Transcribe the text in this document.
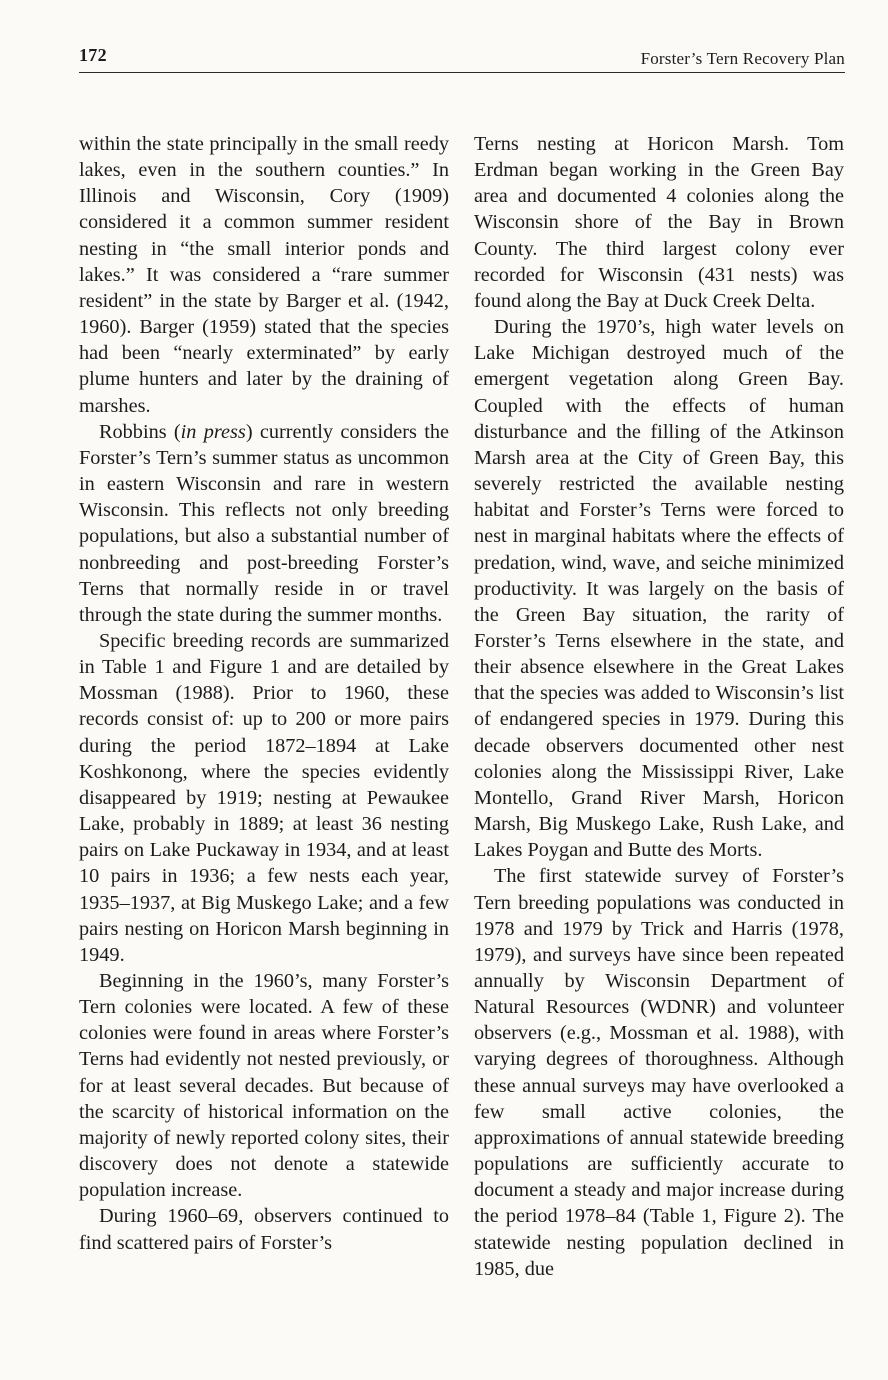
172	Forster’s Tern Recovery Plan

within the state principally in the small reedy lakes, even in the southern counties.” In Illinois and Wisconsin, Cory (1909) considered it a common summer resident nesting in “the small interior ponds and lakes.” It was considered a “rare summer resident” in the state by Barger et al. (1942, 1960). Barger (1959) stated that the species had been “nearly exterminated” by early plume hunters and later by the draining of marshes.

Robbins (in press) currently considers the Forster’s Tern’s summer status as uncommon in eastern Wisconsin and rare in western Wisconsin. This reflects not only breeding populations, but also a substantial number of nonbreeding and post-breeding Forster’s Terns that normally reside in or travel through the state during the summer months.

Specific breeding records are summarized in Table 1 and Figure 1 and are detailed by Mossman (1988). Prior to 1960, these records consist of: up to 200 or more pairs during the period 1872–1894 at Lake Koshkonong, where the species evidently disappeared by 1919; nesting at Pewaukee Lake, probably in 1889; at least 36 nesting pairs on Lake Puckaway in 1934, and at least 10 pairs in 1936; a few nests each year, 1935–1937, at Big Muskego Lake; and a few pairs nesting on Horicon Marsh beginning in 1949.

Beginning in the 1960’s, many Forster’s Tern colonies were located. A few of these colonies were found in areas where Forster’s Terns had evidently not nested previously, or for at least several decades. But because of the scarcity of historical information on the majority of newly reported colony sites, their discovery does not denote a statewide population increase.

During 1960–69, observers continued to find scattered pairs of Forster’s

Terns nesting at Horicon Marsh. Tom Erdman began working in the Green Bay area and documented 4 colonies along the Wisconsin shore of the Bay in Brown County. The third largest colony ever recorded for Wisconsin (431 nests) was found along the Bay at Duck Creek Delta.

During the 1970’s, high water levels on Lake Michigan destroyed much of the emergent vegetation along Green Bay. Coupled with the effects of human disturbance and the filling of the Atkinson Marsh area at the City of Green Bay, this severely restricted the available nesting habitat and Forster’s Terns were forced to nest in marginal habitats where the effects of predation, wind, wave, and seiche minimized productivity. It was largely on the basis of the Green Bay situation, the rarity of Forster’s Terns elsewhere in the state, and their absence elsewhere in the Great Lakes that the species was added to Wisconsin’s list of endangered species in 1979. During this decade observers documented other nest colonies along the Mississippi River, Lake Montello, Grand River Marsh, Horicon Marsh, Big Muskego Lake, Rush Lake, and Lakes Poygan and Butte des Morts.

The first statewide survey of Forster’s Tern breeding populations was conducted in 1978 and 1979 by Trick and Harris (1978, 1979), and surveys have since been repeated annually by Wisconsin Department of Natural Resources (WDNR) and volunteer observers (e.g., Mossman et al. 1988), with varying degrees of thoroughness. Although these annual surveys may have overlooked a few small active colonies, the approximations of annual statewide breeding populations are sufficiently accurate to document a steady and major increase during the period 1978–84 (Table 1, Figure 2). The statewide nesting population declined in 1985, due
